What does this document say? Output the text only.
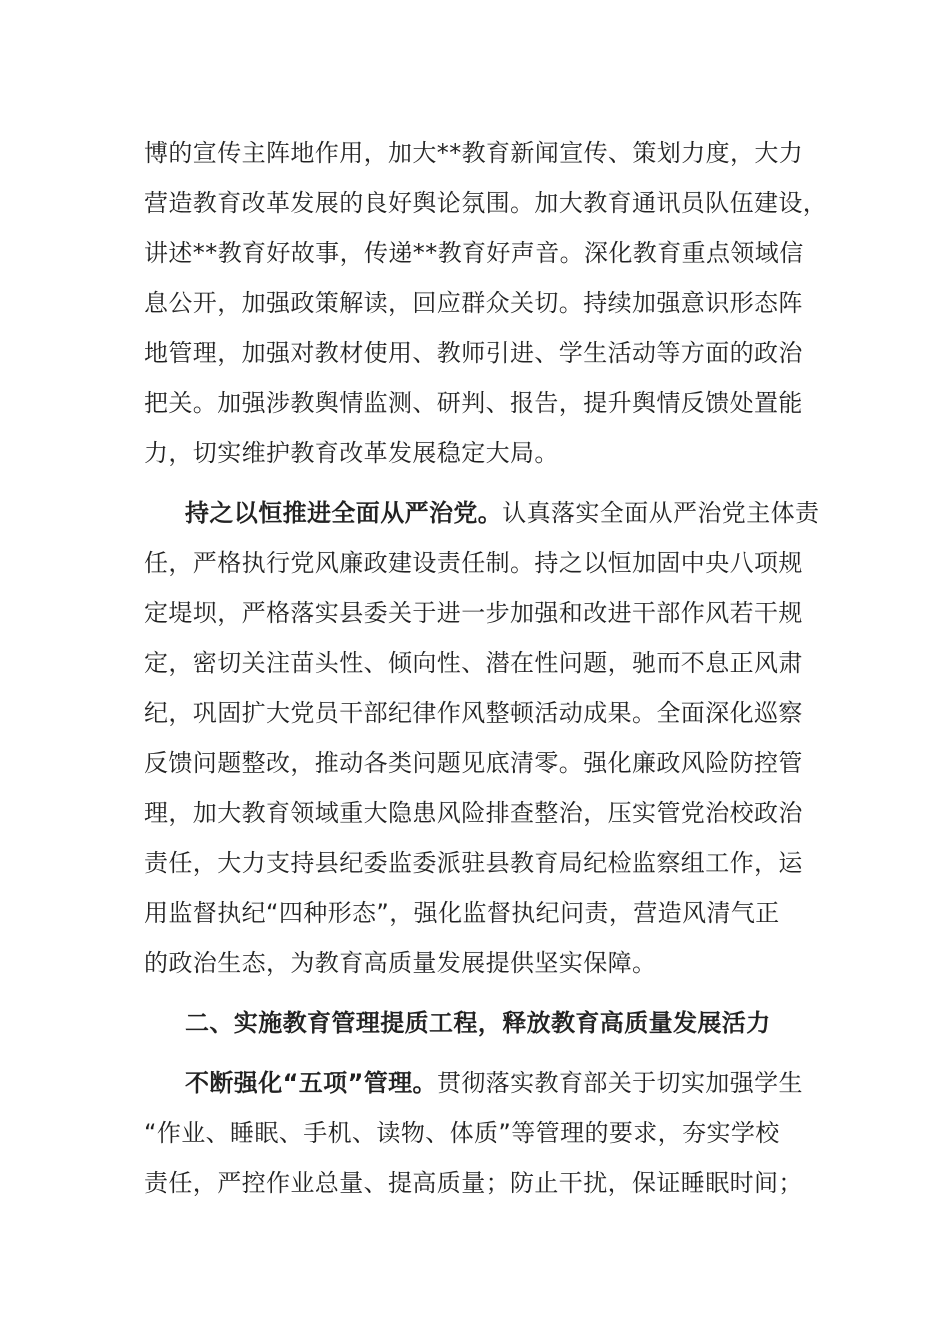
博的宣传主阵地作用，加大**教育新闻宣传、策划力度，大力
营造教育改革发展的良好舆论氛围。加大教育通讯员队伍建设，
讲述**教育好故事，传递**教育好声音。深化教育重点领域信
息公开，加强政策解读，回应群众关切。持续加强意识形态阵
地管理，加强对教材使用、教师引进、学生活动等方面的政治
把关。加强涉教舆情监测、研判、报告，提升舆情反馈处置能
力，切实维护教育改革发展稳定大局。
持之以恒推进全面从严治党。认真落实全面从严治党主体责
任，严格执行党风廉政建设责任制。持之以恒加固中央八项规
定堤坝，严格落实县委关于进一步加强和改进干部作风若干规
定，密切关注苗头性、倾向性、潜在性问题，驰而不息正风肃
纪，巩固扩大党员干部纪律作风整顿活动成果。全面深化巡察
反馈问题整改，推动各类问题见底清零。强化廉政风险防控管
理，加大教育领域重大隐患风险排查整治，压实管党治校政治
责任，大力支持县纪委监委派驻县教育局纪检监察组工作，运
用监督执纪“四种形态”，强化监督执纪问责，营造风清气正
的政治生态，为教育高质量发展提供坚实保障。
二、实施教育管理提质工程，释放教育高质量发展活力
不断强化“五项”管理。贯彻落实教育部关于切实加强学生
“作业、睡眠、手机、读物、体质”等管理的要求，夯实学校
责任，严控作业总量、提高质量；防止干扰，保证睡眠时间；
